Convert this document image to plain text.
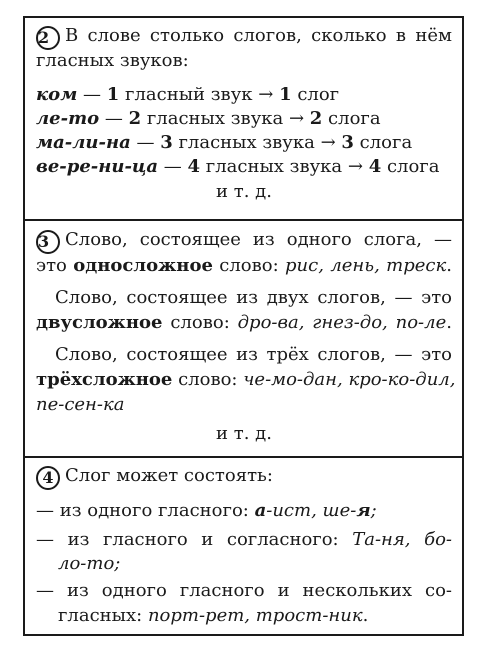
2 В слове столько слогов, сколько в нём
гласных звуков:
ком — 1 гласный звук → 1 слог
ле-то — 2 гласных звука → 2 слога
ма-ли-на — 3 гласных звука → 3 слога
ве-ре-ни-ца — 4 гласных звука → 4 слога
и т. д.
3 Слово, состоящее из одного слога, —
это односложное слово: рис, лень, треск.
Слово, состоящее из двух слогов, — это
двусложное слово: дро-ва, гнез-до, по-ле.
Слово, состоящее из трёх слогов, — это
трёхсложное слово: че-мо-дан, кро-ко-дил,
пе-сен-ка
и т. д.
4 Слог может состоять:
— из одного гласного: а-ист, ше-я;
— из гласного и согласного: Та-ня, бо-
ло-то;
— из одного гласного и нескольких со-
гласных: порт-рет, трост-ник.
